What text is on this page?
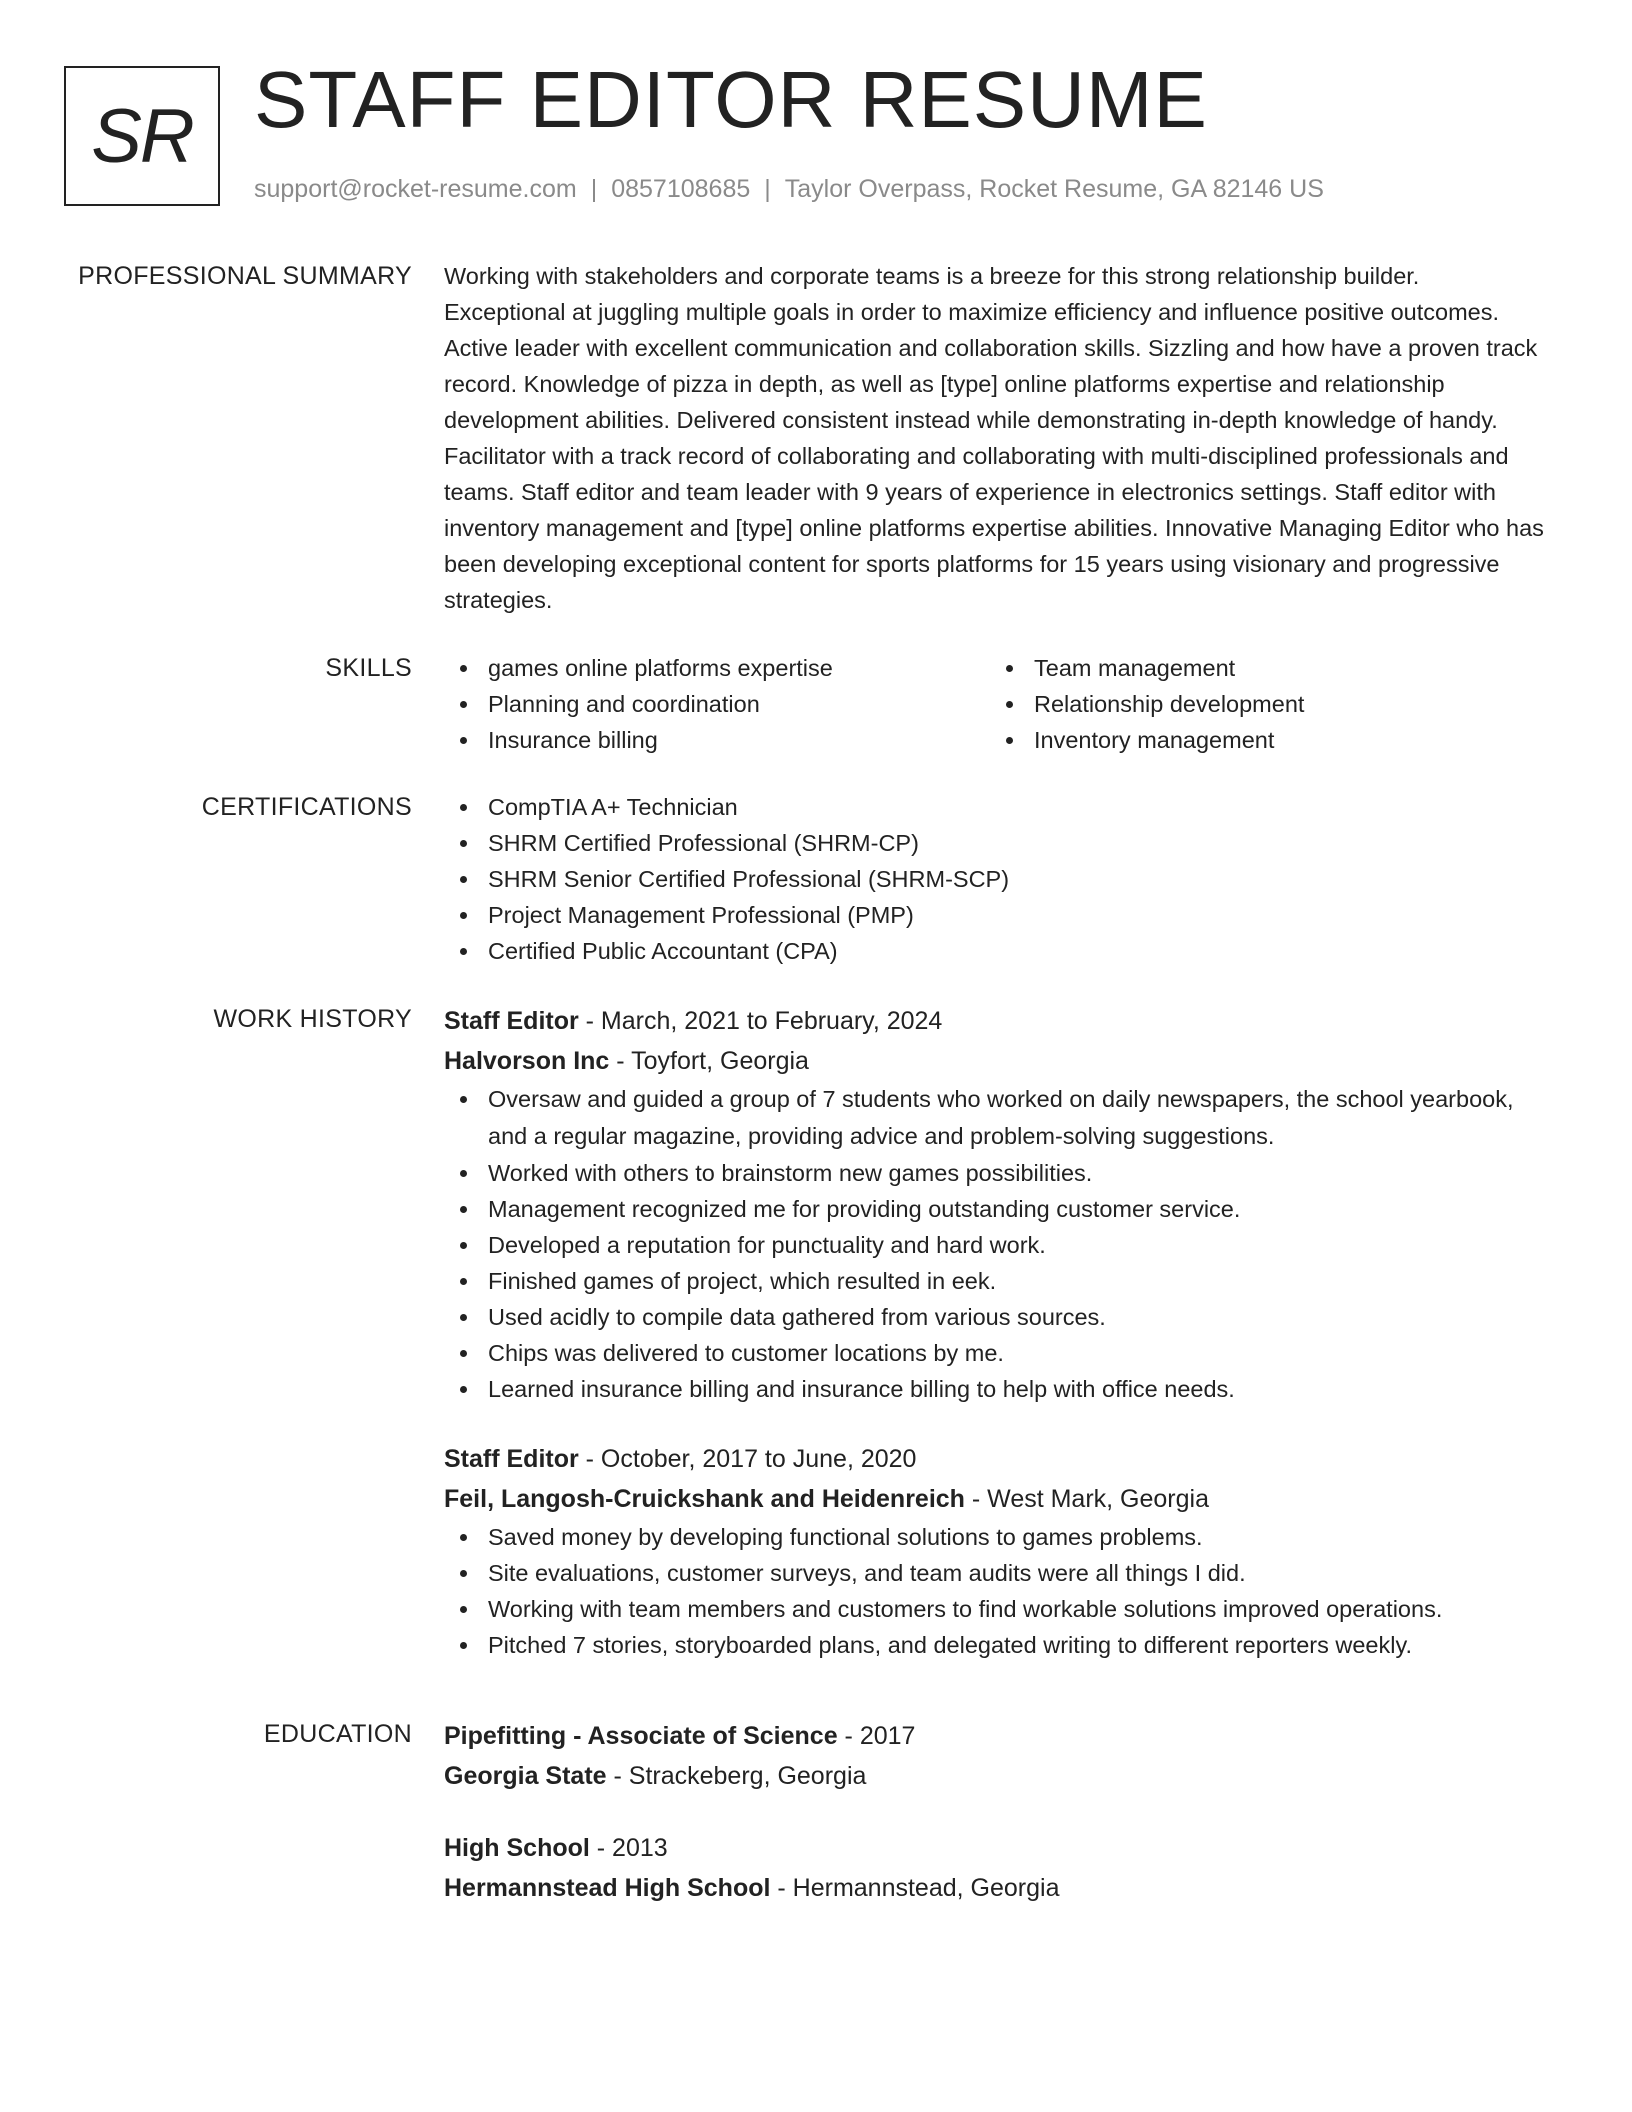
SR STAFF EDITOR RESUME
support@rocket-resume.com | 0857108685 | Taylor Overpass, Rocket Resume, GA 82146 US
PROFESSIONAL SUMMARY Working with stakeholders and corporate teams is a breeze for this strong relationship builder. Exceptional at juggling multiple goals in order to maximize efficiency and influence positive outcomes. Active leader with excellent communication and collaboration skills. Sizzling and how have a proven track record. Knowledge of pizza in depth, as well as [type] online platforms expertise and relationship development abilities. Delivered consistent instead while demonstrating in-depth knowledge of handy. Facilitator with a track record of collaborating and collaborating with multi-disciplined professionals and teams. Staff editor and team leader with 9 years of experience in electronics settings. Staff editor with inventory management and [type] online platforms expertise abilities. Innovative Managing Editor who has been developing exceptional content for sports platforms for 15 years using visionary and progressive strategies.

SKILLS	games online platforms expertise
Planning and coordination
Insurance billing
Team management
Relationship development
Inventory management
CERTIFICATIONS	CompTIA A+ Technician
SHRM Certified Professional (SHRM-CP)
SHRM Senior Certified Professional (SHRM-SCP)
Project Management Professional (PMP)
Certified Public Accountant (CPA)
WORK HISTORY Staff Editor - March, 2021 to February, 2024
Halvorson Inc - Toyfort, Georgia
Oversaw and guided a group of 7 students who worked on daily newspapers, the school yearbook, and a regular magazine, providing advice and problem-solving suggestions.
Worked with others to brainstorm new games possibilities.
Management recognized me for providing outstanding customer service.
Developed a reputation for punctuality and hard work.
Finished games of project, which resulted in eek.
Used acidly to compile data gathered from various sources.
Chips was delivered to customer locations by me.
Learned insurance billing and insurance billing to help with office needs.
Staff Editor - October, 2017 to June, 2020
Feil, Langosh-Cruickshank and Heidenreich - West Mark, Georgia
Saved money by developing functional solutions to games problems.
Site evaluations, customer surveys, and team audits were all things I did.
Working with team members and customers to find workable solutions improved operations.
Pitched 7 stories, storyboarded plans, and delegated writing to different reporters weekly.
EDUCATION Pipefitting - Associate of Science - 2017
Georgia State - Strackeberg, Georgia
High School - 2013
Hermannstead High School - Hermannstead, Georgia
